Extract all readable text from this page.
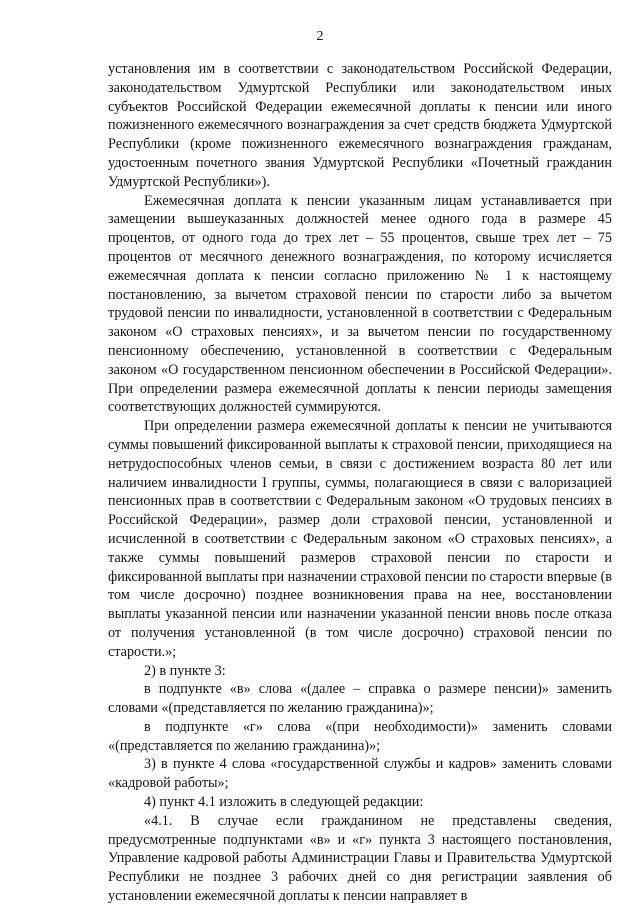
2

установления им в соответствии с законодательством Российской Федерации, законодательством Удмуртской Республики или законодательством иных субъектов Российской Федерации ежемесячной доплаты к пенсии или иного пожизненного ежемесячного вознаграждения за счет средств бюджета Удмуртской Республики (кроме пожизненного ежемесячного вознаграждения гражданам, удостоенным почетного звания Удмуртской Республики «Почетный гражданин Удмуртской Республики»).

Ежемесячная доплата к пенсии указанным лицам устанавливается при замещении вышеуказанных должностей менее одного года в размере 45 процентов, от одного года до трех лет – 55 процентов, свыше трех лет – 75 процентов от месячного денежного вознаграждения, по которому исчисляется ежемесячная доплата к пенсии согласно приложению № 1 к настоящему постановлению, за вычетом страховой пенсии по старости либо за вычетом трудовой пенсии по инвалидности, установленной в соответствии с Федеральным законом «О страховых пенсиях», и за вычетом пенсии по государственному пенсионному обеспечению, установленной в соответствии с Федеральным законом «О государственном пенсионном обеспечении в Российской Федерации». При определении размера ежемесячной доплаты к пенсии периоды замещения соответствующих должностей суммируются.

При определении размера ежемесячной доплаты к пенсии не учитываются суммы повышений фиксированной выплаты к страховой пенсии, приходящиеся на нетрудоспособных членов семьи, в связи с достижением возраста 80 лет или наличием инвалидности I группы, суммы, полагающиеся в связи с валоризацией пенсионных прав в соответствии с Федеральным законом «О трудовых пенсиях в Российской Федерации», размер доли страховой пенсии, установленной и исчисленной в соответствии с Федеральным законом «О страховых пенсиях», а также суммы повышений размеров страховой пенсии по старости и фиксированной выплаты при назначении страховой пенсии по старости впервые (в том числе досрочно) позднее возникновения права на нее, восстановлении выплаты указанной пенсии или назначении указанной пенсии вновь после отказа от получения установленной (в том числе досрочно) страховой пенсии по старости.»;

2) в пункте 3:

в подпункте «в» слова «(далее – справка о размере пенсии)» заменить словами «(представляется по желанию гражданина)»;

в подпункте «г» слова «(при необходимости)» заменить словами «(представляется по желанию гражданина)»;

3) в пункте 4 слова «государственной службы и кадров» заменить словами «кадровой работы»;

4) пункт 4.1 изложить в следующей редакции:

«4.1. В случае если гражданином не представлены сведения, предусмотренные подпунктами «в» и «г» пункта 3 настоящего постановления, Управление кадровой работы Администрации Главы и Правительства Удмуртской Республики не позднее 3 рабочих дней со дня регистрации заявления об установлении ежемесячной доплаты к пенсии направляет в
